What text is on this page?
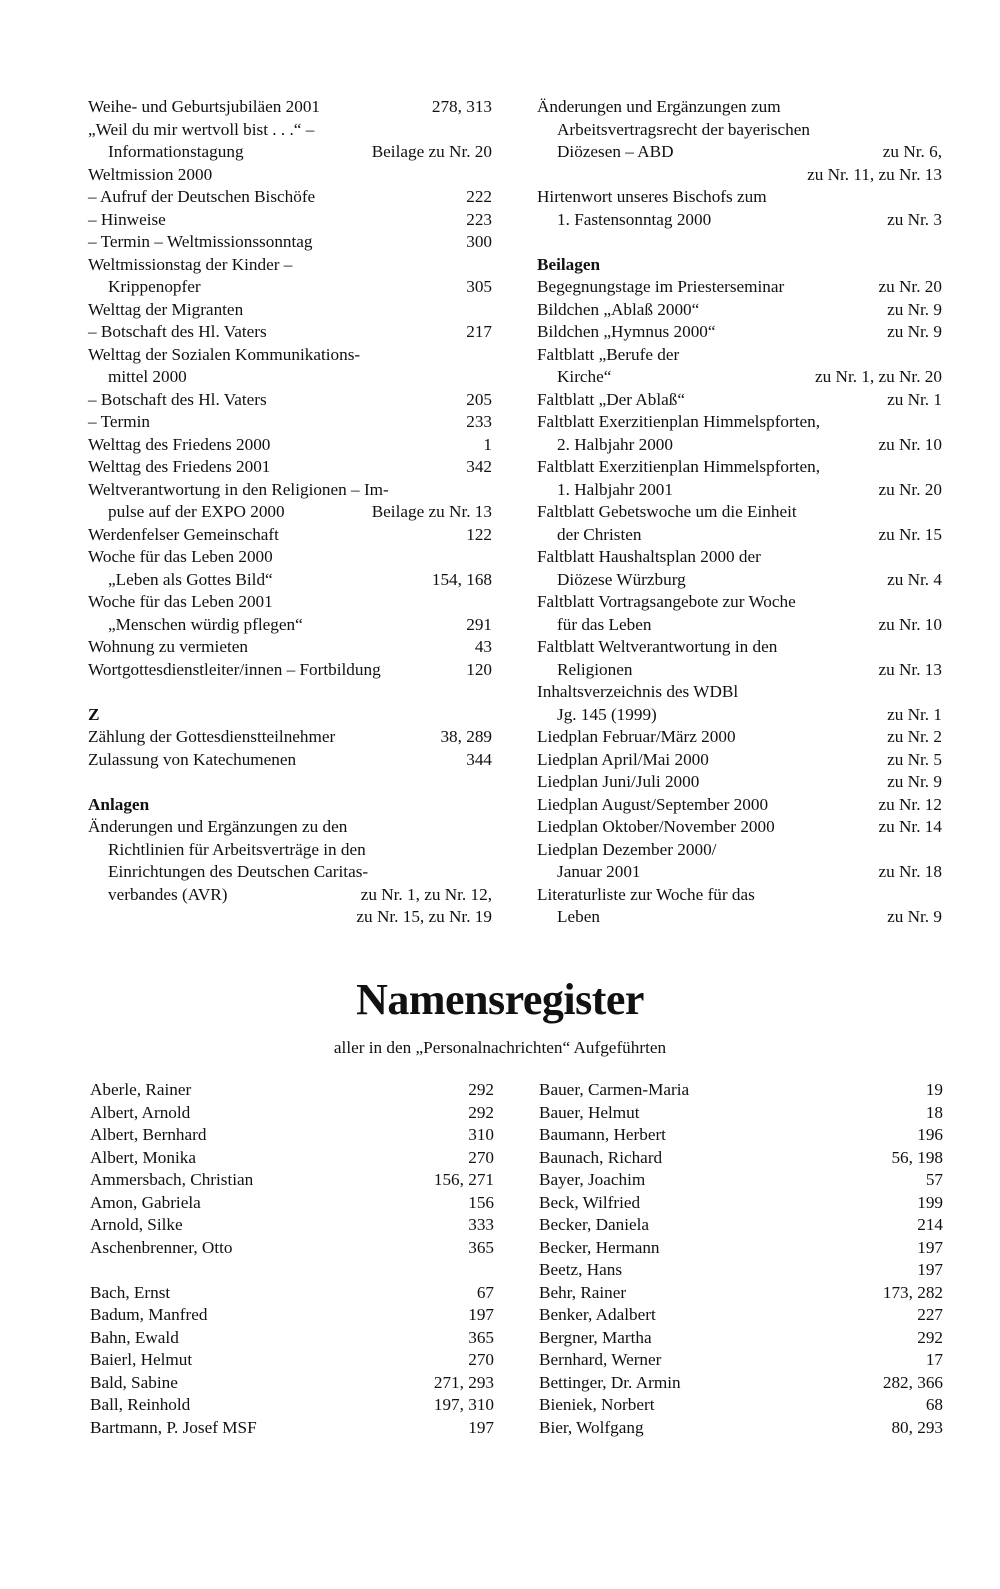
Weihe- und Geburtsjubiläen 2001	278, 313
„Weil du mir wertvoll bist . . .“ –
Informationstagung	Beilage zu Nr. 20
Weltmission 2000
– Aufruf der Deutschen Bischöfe	222
– Hinweise	223
– Termin – Weltmissionssonntag	300
Weltmissionstag der Kinder –
Krippenopfer	305
Welttag der Migranten
– Botschaft des Hl. Vaters	217
Welttag der Sozialen Kommunikations-
mittel 2000
– Botschaft des Hl. Vaters	205
– Termin	233
Welttag des Friedens 2000	1
Welttag des Friedens 2001	342
Weltverantwortung in den Religionen – Im-
pulse auf der EXPO 2000	Beilage zu Nr. 13
Werdenfelser Gemeinschaft	122
Woche für das Leben 2000
„Leben als Gottes Bild“	154, 168
Woche für das Leben 2001
„Menschen würdig pflegen“	291
Wohnung zu vermieten	43
Wortgottesdienstleiter/innen – Fortbildung	120
Z
Zählung der Gottesdienstteilnehmer	38, 289
Zulassung von Katechumenen	344
Anlagen
Änderungen und Ergänzungen zu den
Richtlinien für Arbeitsverträge in den
Einrichtungen des Deutschen Caritas-
verbandes (AVR)	zu Nr. 1, zu Nr. 12,
zu Nr. 15, zu Nr. 19
Änderungen und Ergänzungen zum
Arbeitsvertragsrecht der bayerischen
Diözesen – ABD	zu Nr. 6,
zu Nr. 11, zu Nr. 13
Hirtenwort unseres Bischofs zum
1. Fastensonntag 2000	zu Nr. 3
Beilagen
Begegnungstage im Priesterseminar	zu Nr. 20
Bildchen „Ablaß 2000“	zu Nr. 9
Bildchen „Hymnus 2000“	zu Nr. 9
Faltblatt „Berufe der
Kirche“	zu Nr. 1, zu Nr. 20
Faltblatt „Der Ablaß“	zu Nr. 1
Faltblatt Exerzitienplan Himmelspforten,
2. Halbjahr 2000	zu Nr. 10
Faltblatt Exerzitienplan Himmelspforten,
1. Halbjahr 2001	zu Nr. 20
Faltblatt Gebetswoche um die Einheit
der Christen	zu Nr. 15
Faltblatt Haushaltsplan 2000 der
Diözese Würzburg	zu Nr. 4
Faltblatt Vortragsangebote zur Woche
für das Leben	zu Nr. 10
Faltblatt Weltverantwortung in den
Religionen	zu Nr. 13
Inhaltsverzeichnis des WDBl
Jg. 145 (1999)	zu Nr. 1
Liedplan Februar/März 2000	zu Nr. 2
Liedplan April/Mai 2000	zu Nr. 5
Liedplan Juni/Juli 2000	zu Nr. 9
Liedplan August/September 2000	zu Nr. 12
Liedplan Oktober/November 2000	zu Nr. 14
Liedplan Dezember 2000/
Januar 2001	zu Nr. 18
Literaturliste zur Woche für das
Leben	zu Nr. 9
Namensregister
aller in den „Personalnachrichten“ Aufgeführten
Aberle, Rainer	292
Albert, Arnold	292
Albert, Bernhard	310
Albert, Monika	270
Ammersbach, Christian	156, 271
Amon, Gabriela	156
Arnold, Silke	333
Aschenbrenner, Otto	365
Bach, Ernst	67
Badum, Manfred	197
Bahn, Ewald	365
Baierl, Helmut	270
Bald, Sabine	271, 293
Ball, Reinhold	197, 310
Bartmann, P. Josef MSF	197
Bauer, Carmen-Maria	19
Bauer, Helmut	18
Baumann, Herbert	196
Baunach, Richard	56, 198
Bayer, Joachim	57
Beck, Wilfried	199
Becker, Daniela	214
Becker, Hermann	197
Beetz, Hans	197
Behr, Rainer	173, 282
Benker, Adalbert	227
Bergner, Martha	292
Bernhard, Werner	17
Bettinger, Dr. Armin	282, 366
Bieniek, Norbert	68
Bier, Wolfgang	80, 293
